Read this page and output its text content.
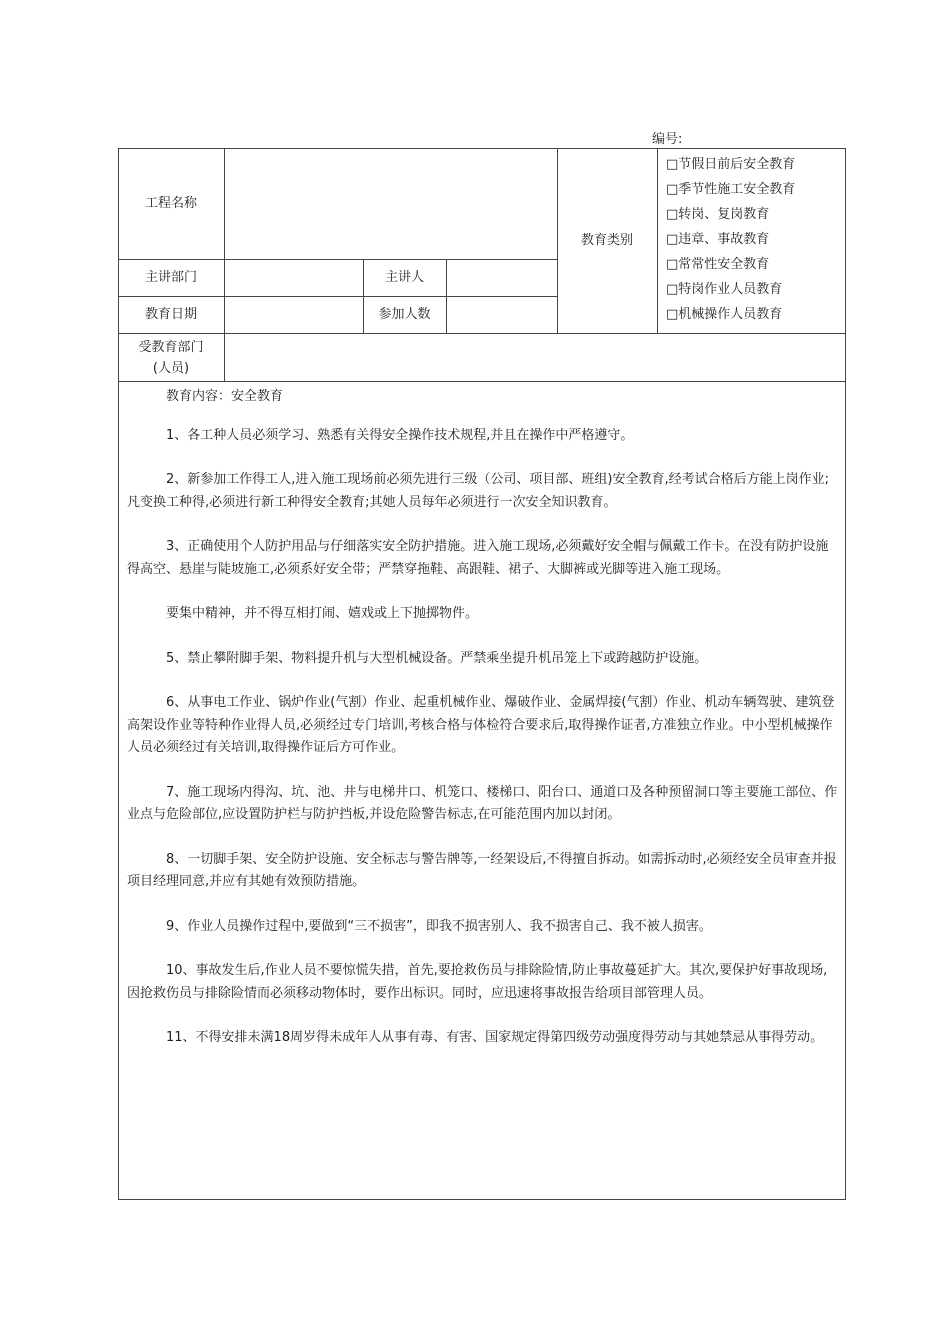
编号:
工程名称
主讲部门	主讲人
教育日期	参加人数
教育类别
受教育部门
(人员)
□节假日前后安全教育
□季节性施工安全教育
□转岗、复岗教育
□违章、事故教育
□常常性安全教育
□特岗作业人员教育
□机械操作人员教育

教育内容：安全教育

1、各工种人员必须学习、熟悉有关得安全操作技术规程,并且在操作中严格遵守。

2、新参加工作得工人,进入施工现场前必须先进行三级（公司、项目部、班组)安全教育,经考试合格后方能上岗作业;凡变换工种得,必须进行新工种得安全教育;其她人员每年必须进行一次安全知识教育。

3、正确使用个人防护用品与仔细落实安全防护措施。进入施工现场,必须戴好安全帽与佩戴工作卡。在没有防护设施得高空、悬崖与陡坡施工,必须系好安全带；严禁穿拖鞋、高跟鞋、裙子、大脚裤或光脚等进入施工现场。

要集中精神，并不得互相打闹、嬉戏或上下抛掷物件。

5、禁止攀附脚手架、物料提升机与大型机械设备。严禁乘坐提升机吊笼上下或跨越防护设施。

6、从事电工作业、锅炉作业(气割）作业、起重机械作业、爆破作业、金属焊接(气割）作业、机动车辆驾驶、建筑登高架设作业等特种作业得人员,必须经过专门培训,考核合格与体检符合要求后,取得操作证者,方准独立作业。中小型机械操作人员必须经过有关培训,取得操作证后方可作业。

7、施工现场内得沟、坑、池、井与电梯井口、机笼口、楼梯口、阳台口、通道口及各种预留洞口等主要施工部位、作业点与危险部位,应设置防护栏与防护挡板,并设危险警告标志,在可能范围内加以封闭。

8、一切脚手架、安全防护设施、安全标志与警告牌等,一经架设后,不得擅自拆动。如需拆动时,必须经安全员审查并报项目经理同意,并应有其她有效预防措施。

9、作业人员操作过程中,要做到“三不损害”，即我不损害别人、我不损害自己、我不被人损害。

10、事故发生后,作业人员不要惊慌失措，首先,要抢救伤员与排除险情,防止事故蔓延扩大。其次,要保护好事故现场,因抢救伤员与排除险情而必须移动物体时，要作出标识。同时，应迅速将事故报告给项目部管理人员。

11、不得安排未满18周岁得未成年人从事有毒、有害、国家规定得第四级劳动强度得劳动与其她禁忌从事得劳动。
